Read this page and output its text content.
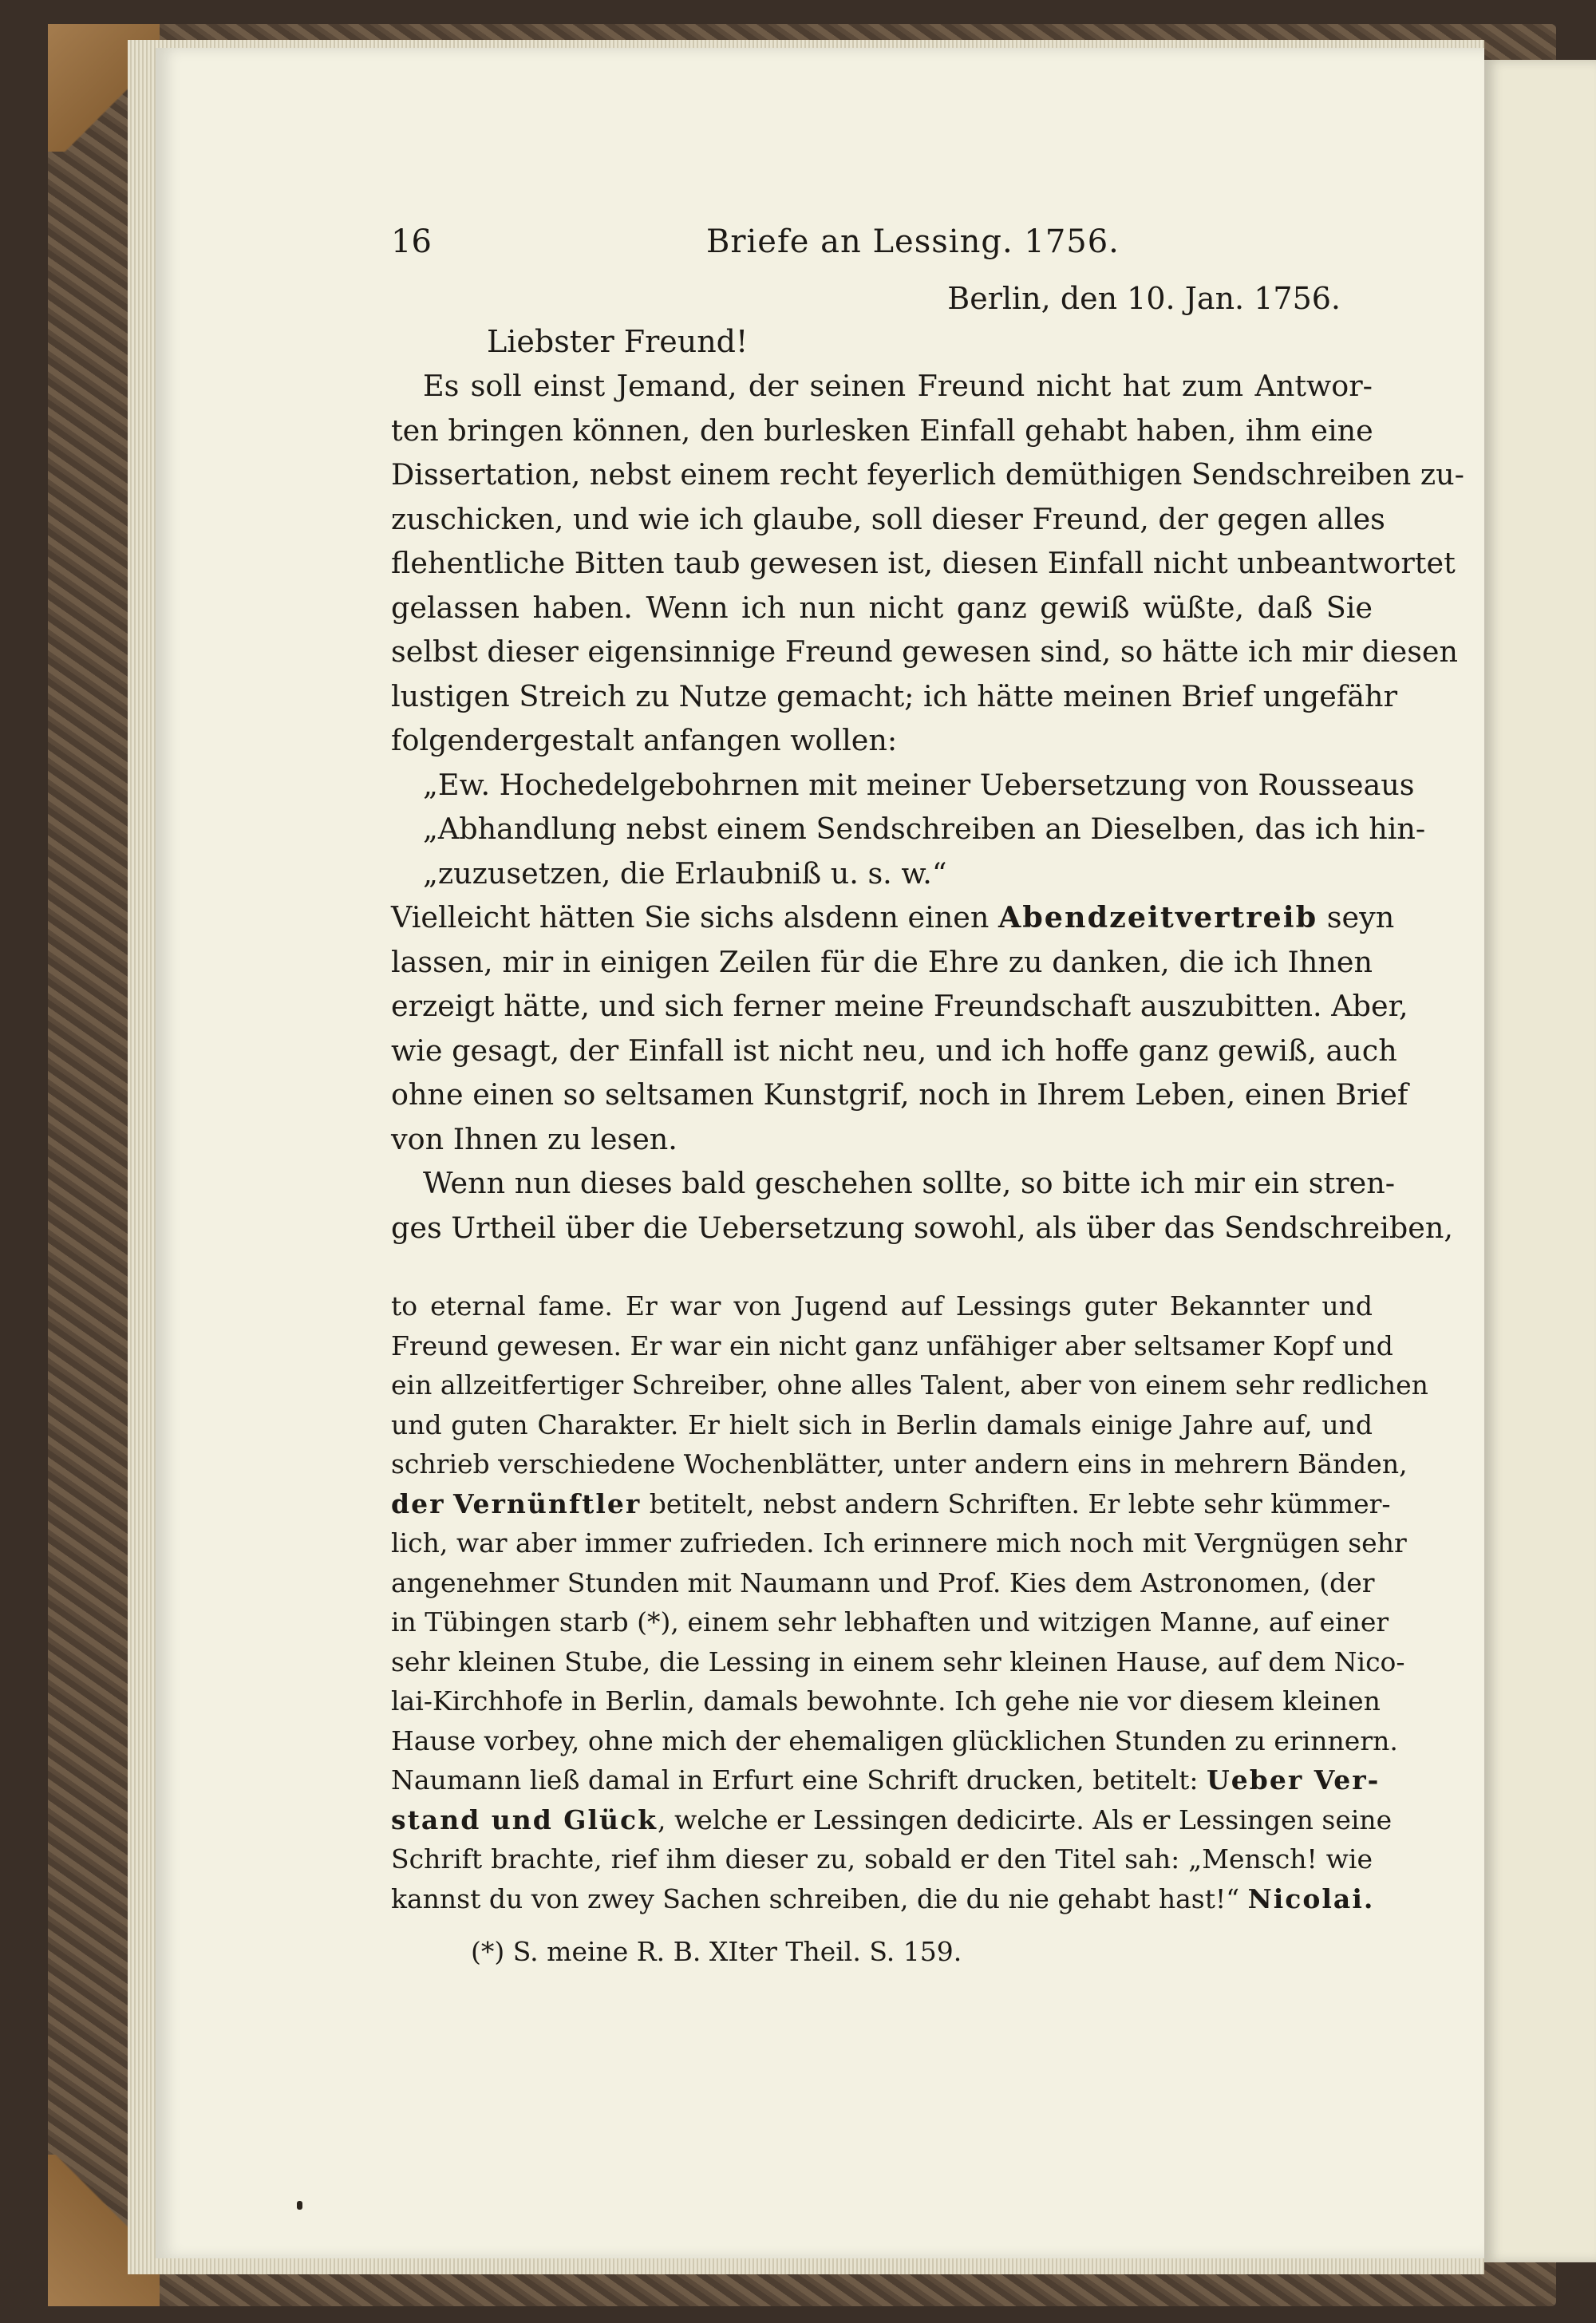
16	Briefe an Lessing. 1756.
Berlin, den 10. Jan. 1756.
Liebster Freund!
Es soll einst Jemand, der seinen Freund nicht hat zum Antwor-
ten bringen können, den burlesken Einfall gehabt haben, ihm eine
Dissertation, nebst einem recht feyerlich demüthigen Sendschreiben zu-
zuschicken, und wie ich glaube, soll dieser Freund, der gegen alles
flehentliche Bitten taub gewesen ist, diesen Einfall nicht unbeantwortet
gelassen haben. Wenn ich nun nicht ganz gewiß wüßte, daß Sie
selbst dieser eigensinnige Freund gewesen sind, so hätte ich mir diesen
lustigen Streich zu Nutze gemacht; ich hätte meinen Brief ungefähr
folgendergestalt anfangen wollen:
„Ew. Hochedelgebohrnen mit meiner Uebersetzung von Rousseaus
„Abhandlung nebst einem Sendschreiben an Dieselben, das ich hin-
„zuzusetzen, die Erlaubniß u. s. w.“
Vielleicht hätten Sie sichs alsdenn einen Abendzeitvertreib seyn
lassen, mir in einigen Zeilen für die Ehre zu danken, die ich Ihnen
erzeigt hätte, und sich ferner meine Freundschaft auszubitten. Aber,
wie gesagt, der Einfall ist nicht neu, und ich hoffe ganz gewiß, auch
ohne einen so seltsamen Kunstgrif, noch in Ihrem Leben, einen Brief
von Ihnen zu lesen.
Wenn nun dieses bald geschehen sollte, so bitte ich mir ein stren-
ges Urtheil über die Uebersetzung sowohl, als über das Sendschreiben,
to eternal fame. Er war von Jugend auf Lessings guter Bekannter und
Freund gewesen. Er war ein nicht ganz unfähiger aber seltsamer Kopf und
ein allzeitfertiger Schreiber, ohne alles Talent, aber von einem sehr redlichen
und guten Charakter. Er hielt sich in Berlin damals einige Jahre auf, und
schrieb verschiedene Wochenblätter, unter andern eins in mehrern Bänden,
der Vernünftler betitelt, nebst andern Schriften. Er lebte sehr kümmer-
lich, war aber immer zufrieden. Ich erinnere mich noch mit Vergnügen sehr
angenehmer Stunden mit Naumann und Prof. Kies dem Astronomen, (der
in Tübingen starb (*), einem sehr lebhaften und witzigen Manne, auf einer
sehr kleinen Stube, die Lessing in einem sehr kleinen Hause, auf dem Nico-
lai-Kirchhofe in Berlin, damals bewohnte. Ich gehe nie vor diesem kleinen
Hause vorbey, ohne mich der ehemaligen glücklichen Stunden zu erinnern.
Naumann ließ damal in Erfurt eine Schrift drucken, betitelt: Ueber Ver-
stand und Glück, welche er Lessingen dedicirte. Als er Lessingen seine
Schrift brachte, rief ihm dieser zu, sobald er den Titel sah: „Mensch! wie
kannst du von zwey Sachen schreiben, die du nie gehabt hast!“ Nicolai.
(*) S. meine R. B. XIter Theil. S. 159.
